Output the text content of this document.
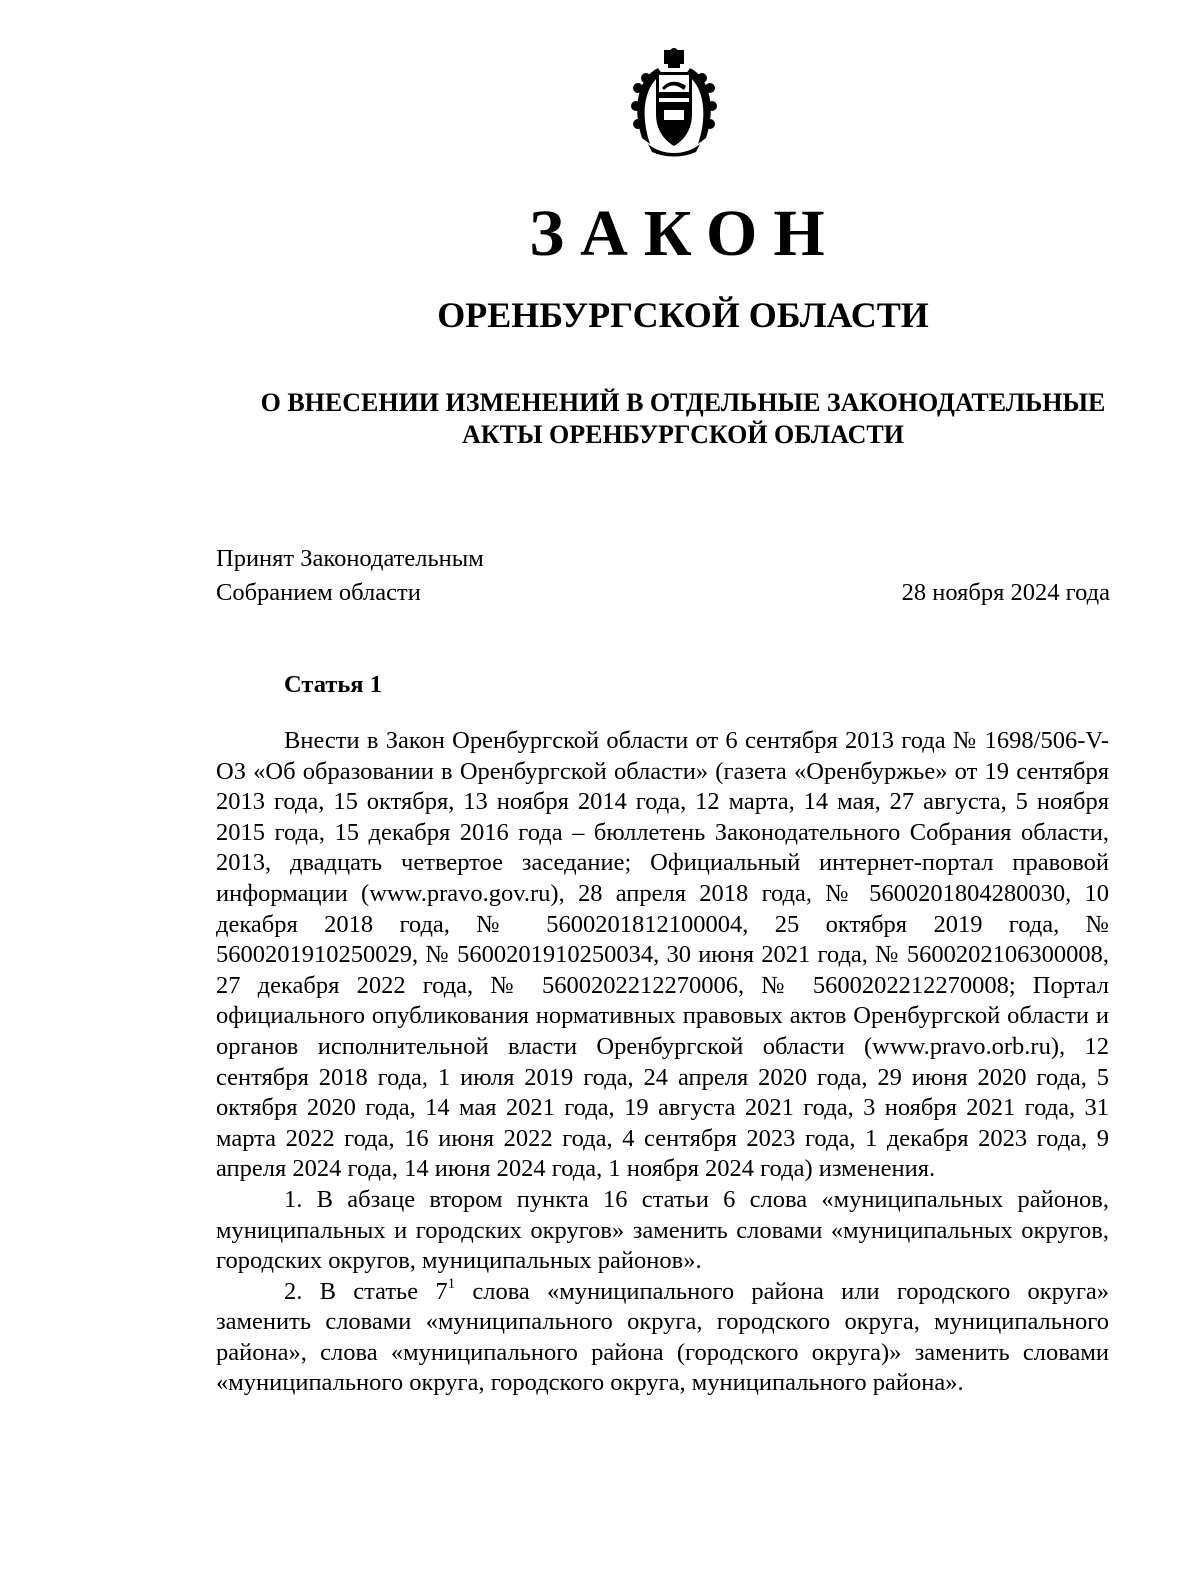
ЗАКОН
ОРЕНБУРГСКОЙ ОБЛАСТИ
О ВНЕСЕНИИ ИЗМЕНЕНИЙ В ОТДЕЛЬНЫЕ ЗАКОНОДАТЕЛЬНЫЕ
АКТЫ ОРЕНБУРГСКОЙ ОБЛАСТИ
Принят Законодательным
Собранием области	28 ноября 2024 года
Статья 1

Внести в Закон Оренбургской области от 6 сентября 2013 года № 1698/506-V-ОЗ «Об образовании в Оренбургской области» (газета «Оренбуржье» от 19 сентября 2013 года, 15 октября, 13 ноября 2014 года, 12 марта, 14 мая, 27 августа, 5 ноября 2015 года, 15 декабря 2016 года – бюллетень Законодательного Собрания области, 2013, двадцать четвертое заседание; Официальный интернет-портал правовой информации (www.pravo.gov.ru), 28 апреля 2018 года, № 5600201804280030, 10 декабря 2018 года, № 5600201812100004, 25 октября 2019 года, № 5600201910250029, № 5600201910250034, 30 июня 2021 года, № 5600202106300008, 27 декабря 2022 года, № 5600202212270006, № 5600202212270008; Портал официального опубликования нормативных правовых актов Оренбургской области и органов исполнительной власти Оренбургской области (www.pravo.orb.ru), 12 сентября 2018 года, 1 июля 2019 года, 24 апреля 2020 года, 29 июня 2020 года, 5 октября 2020 года, 14 мая 2021 года, 19 августа 2021 года, 3 ноября 2021 года, 31 марта 2022 года, 16 июня 2022 года, 4 сентября 2023 года, 1 декабря 2023 года, 9 апреля 2024 года, 14 июня 2024 года, 1 ноября 2024 года) изменения.

1. В абзаце втором пункта 16 статьи 6 слова «муниципальных районов, муниципальных и городских округов» заменить словами «муниципальных округов, городских округов, муниципальных районов».

2. В статье $7^1$ слова «муниципального района или городского округа» заменить словами «муниципального округа, городского округа, муниципального района», слова «муниципального района (городского округа)» заменить словами «муниципального округа, городского округа, муниципального района».
